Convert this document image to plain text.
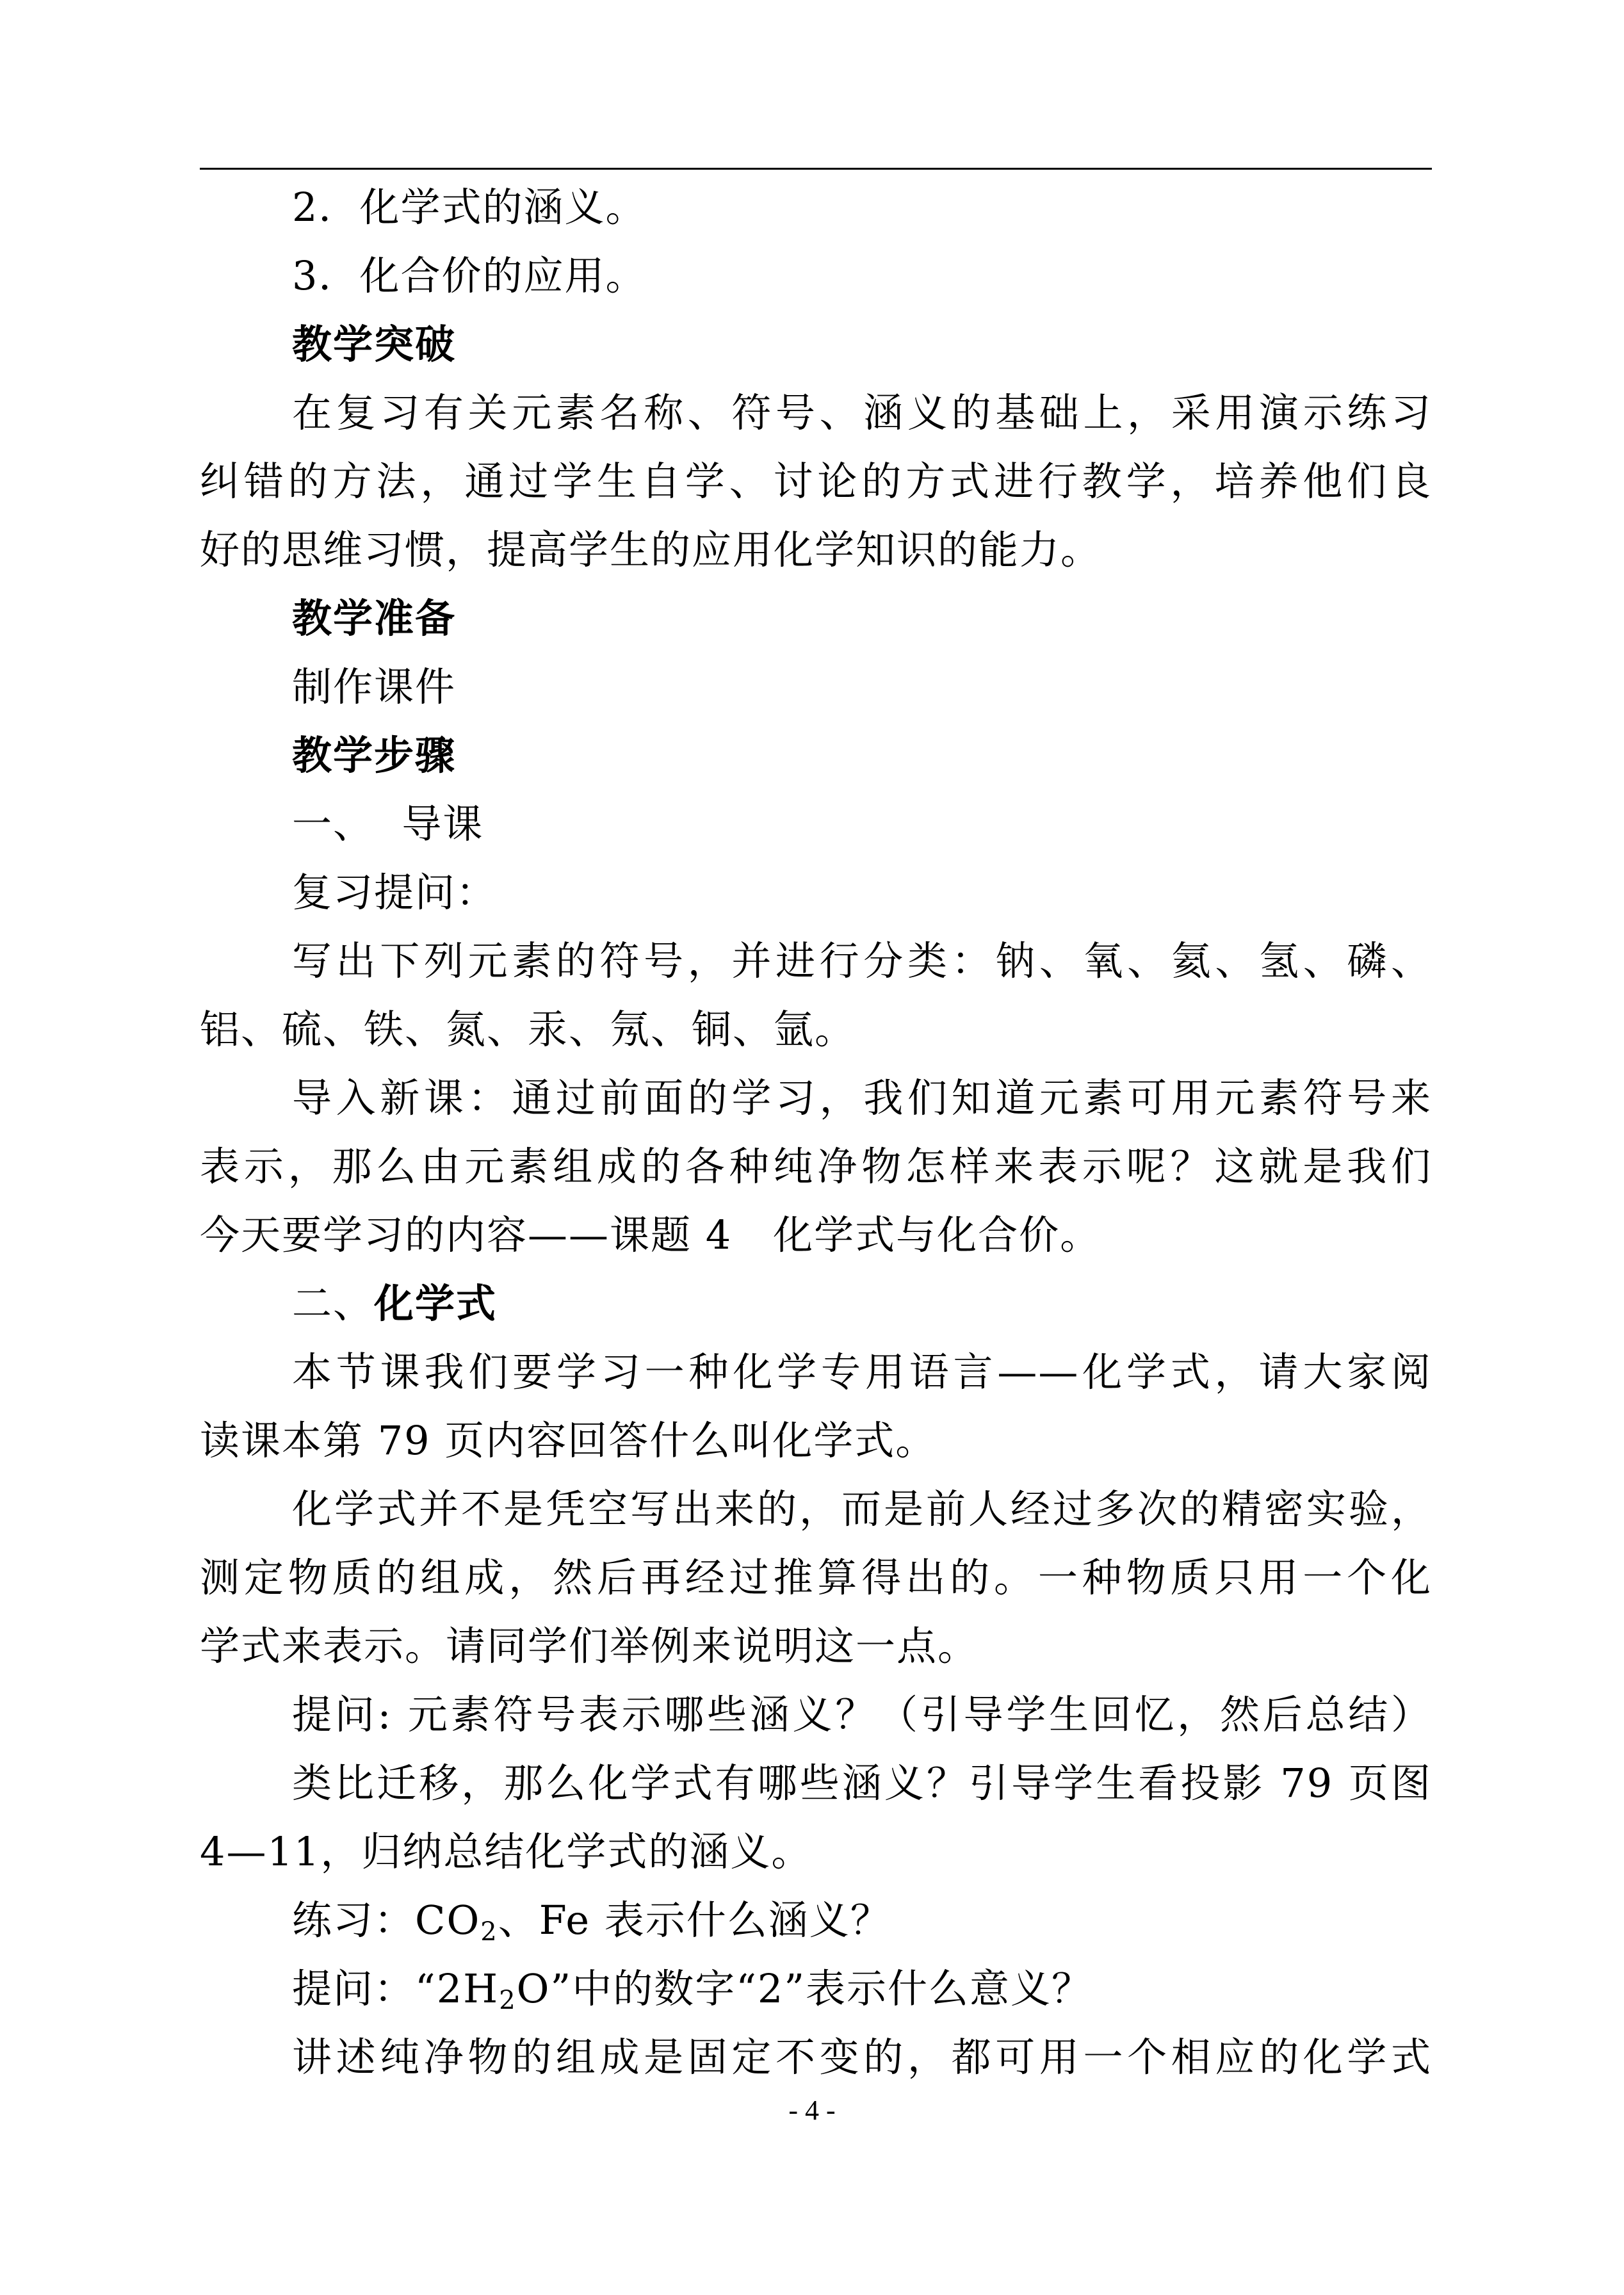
2．化学式的涵义。
3．化合价的应用。
教学突破
在复习有关元素名称、符号、涵义的基础上，采用演示练习
纠错的方法，通过学生自学、讨论的方式进行教学，培养他们良
好的思维习惯，提高学生的应用化学知识的能力。
教学准备
制作课件
教学步骤
一、  导课
复习提问：
写出下列元素的符号，并进行分类：钠、氧、氦、氢、磷、
铝、硫、铁、氮、汞、氖、铜、氩。
导入新课：通过前面的学习，我们知道元素可用元素符号来
表示，那么由元素组成的各种纯净物怎样来表示呢？这就是我们
今天要学习的内容——课题 4　化学式与化合价。
二、化学式
本节课我们要学习一种化学专用语言——化学式，请大家阅
读课本第 79 页内容回答什么叫化学式。
化学式并不是凭空写出来的，而是前人经过多次的精密实验，
测定物质的组成，然后再经过推算得出的。一种物质只用一个化
学式来表示。请同学们举例来说明这一点。
提问: 元素符号表示哪些涵义？（引导学生回忆，然后总结）
类比迁移，那么化学式有哪些涵义？引导学生看投影 79 页图
4—11，归纳总结化学式的涵义。
练习：$CO_2$、Fe 表示什么涵义？
提问：“$2H_2O$”中的数字“2”表示什么意义？
讲述纯净物的组成是固定不变的，都可用一个相应的化学式
- 4 -
